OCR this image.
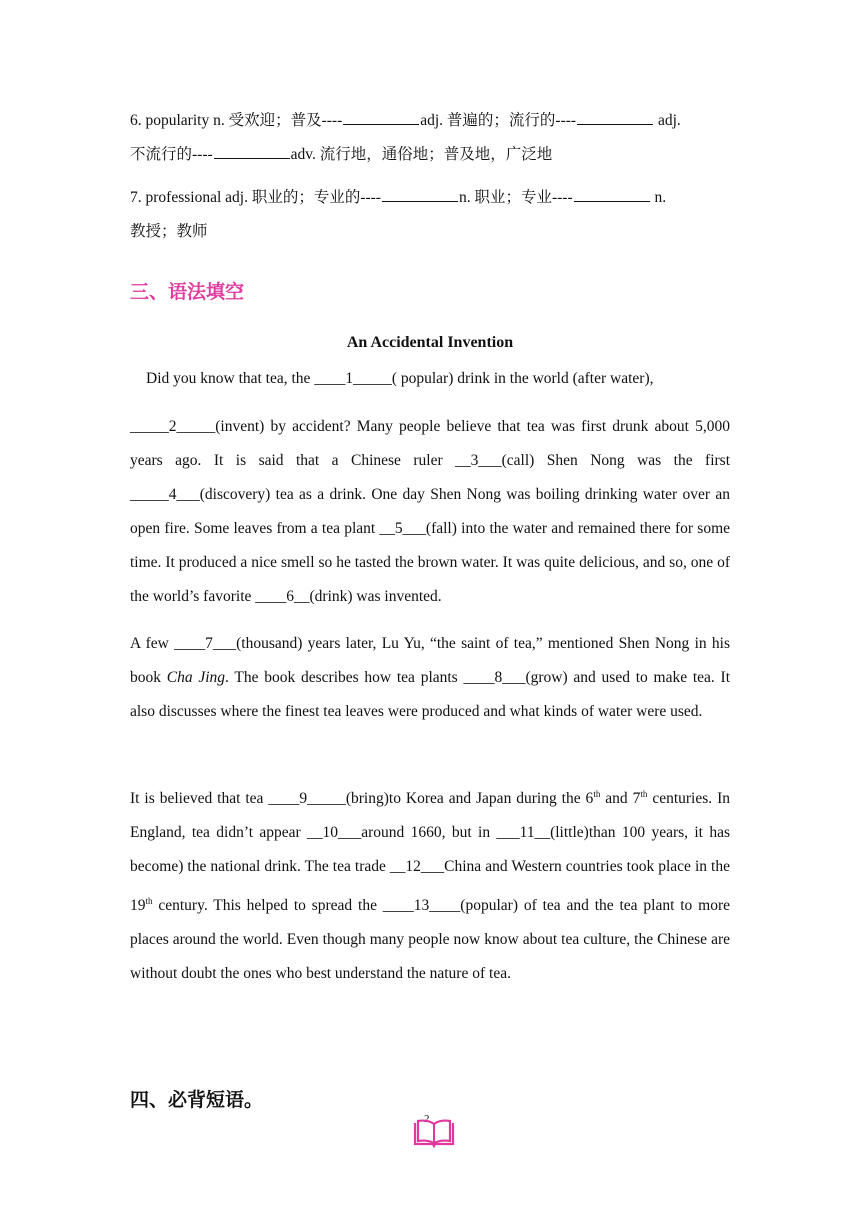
6. popularity n. 受欢迎；普及----	adj. 普遍的；流行的----	adj.
不流行的----	adv. 流行地，通俗地；普及地，广泛地
7. professional adj. 职业的；专业的----	n. 职业；专业----	n.
教授；教师
三、语法填空
An Accidental Invention
Did you know that tea, the ____1_____( popular) drink in the world (after water),
_____2_____(invent) by accident? Many people believe that tea was first drunk about 5,000 years ago. It is said that a Chinese ruler __3___(call) Shen Nong was the first _____4___(discovery) tea as a drink. One day Shen Nong was boiling drinking water over an open fire. Some leaves from a tea plant __5___(fall) into the water and remained there for some time. It produced a nice smell so he tasted the brown water. It was quite delicious, and so, one of the world’s favorite ____6__(drink) was invented.
A few ____7___(thousand) years later, Lu Yu, “the saint of tea,” mentioned Shen Nong in his book Cha Jing. The book describes how tea plants ____8___(grow) and used to make tea. It also discusses where the finest tea leaves were produced and what kinds of water were used.
It is believed that tea ____9_____(bring)to Korea and Japan during the 6th and 7th centuries. In England, tea didn’t appear __10___around 1660, but in ___11__(little)than 100 years, it has become) the national drink. The tea trade __12___China and Western countries took place in the 19th century. This helped to spread the ____13____(popular) of tea and the tea plant to more places around the world. Even though many people now know about tea culture, the Chinese are without doubt the ones who best understand the nature of tea.
四、必背短语。
2
